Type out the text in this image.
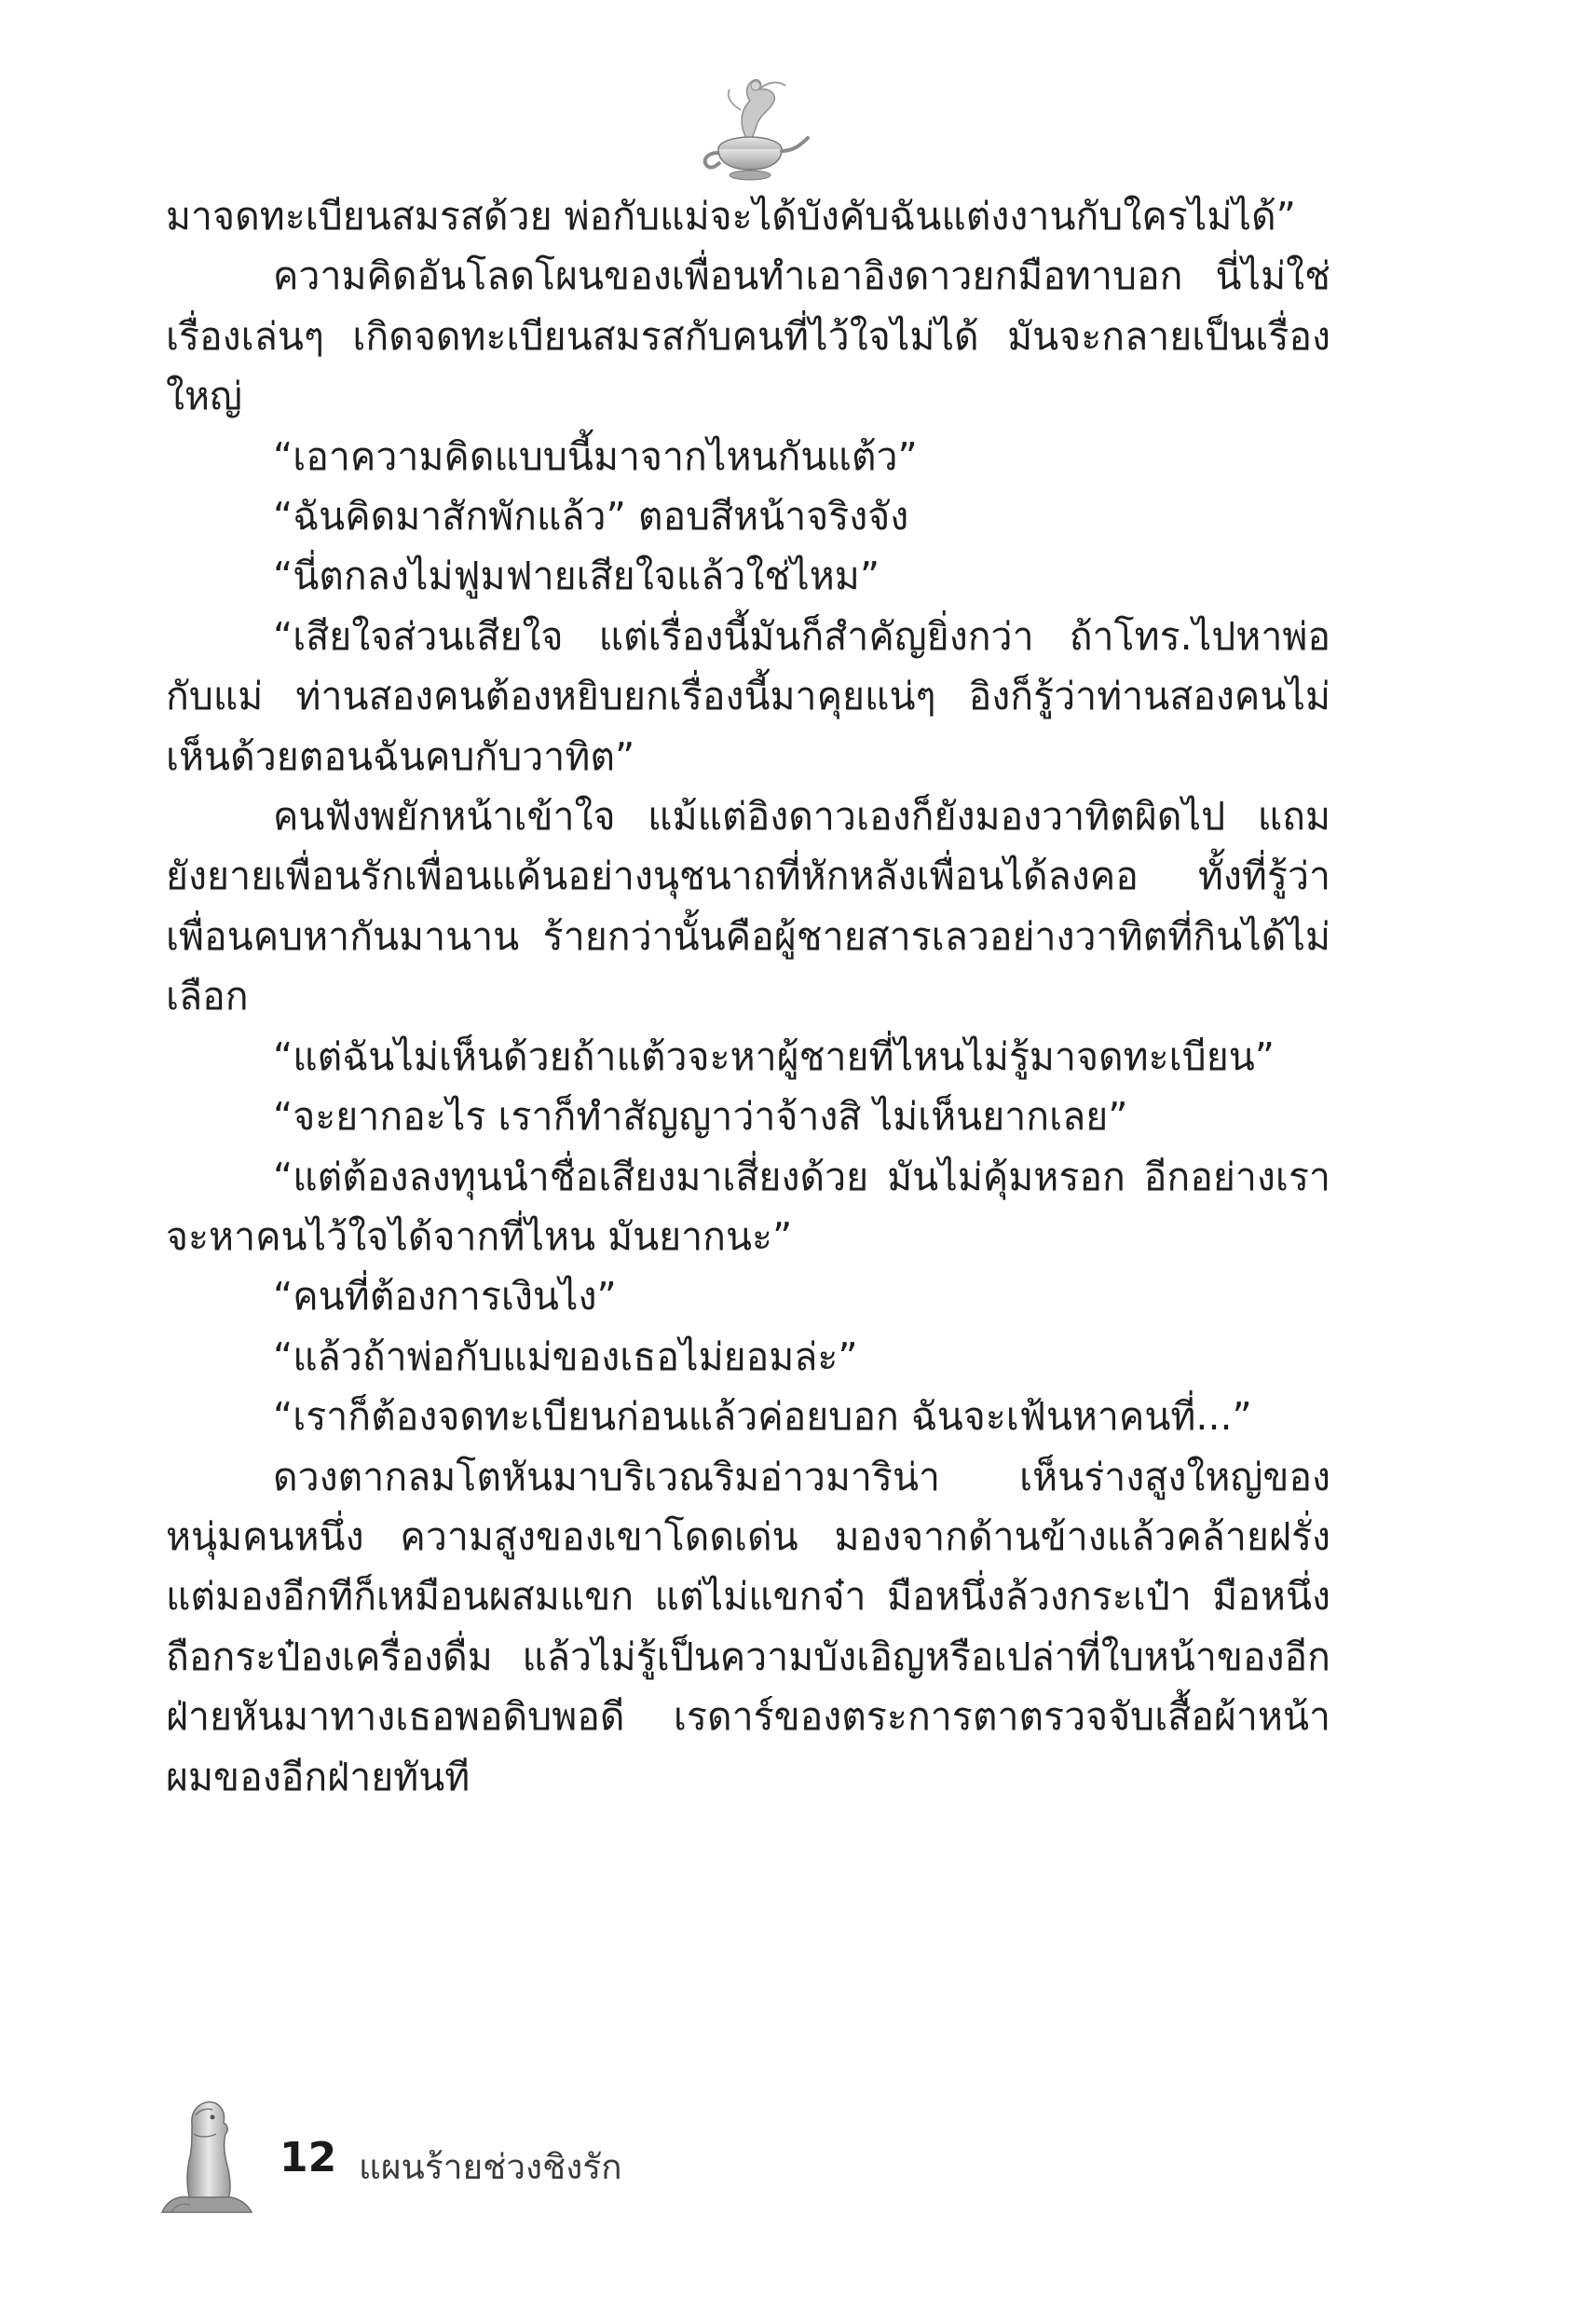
มาจดทะเบียนสมรสด้วย พ่อกับแม่จะได้บังคับฉันแต่งงานกับใครไม่ได้”

ความคิดอันโลดโผนของเพื่อนทำเอาอิงดาวยกมือทาบอก นี่ไม่ใช่เรื่องเล่นๆ เกิดจดทะเบียนสมรสกับคนที่ไว้ใจไม่ได้ มันจะกลายเป็นเรื่องใหญ่

“เอาความคิดแบบนี้มาจากไหนกันแต้ว”

“ฉันคิดมาสักพักแล้ว” ตอบสีหน้าจริงจัง

“นี่ตกลงไม่ฟูมฟายเสียใจแล้วใช่ไหม”

“เสียใจส่วนเสียใจ แต่เรื่องนี้มันก็สำคัญยิ่งกว่า ถ้าโทร.ไปหาพ่อกับแม่ ท่านสองคนต้องหยิบยกเรื่องนี้มาคุยแน่ๆ อิงก็รู้ว่าท่านสองคนไม่เห็นด้วยตอนฉันคบกับวาทิต”

คนฟังพยักหน้าเข้าใจ แม้แต่อิงดาวเองก็ยังมองวาทิตผิดไป แถมยังยายเพื่อนรักเพื่อนแค้นอย่างนุชนาถที่หักหลังเพื่อนได้ลงคอ ทั้งที่รู้ว่าเพื่อนคบหากันมานาน ร้ายกว่านั้นคือผู้ชายสารเลวอย่างวาทิตที่กินได้ไม่เลือก

“แต่ฉันไม่เห็นด้วยถ้าแต้วจะหาผู้ชายที่ไหนไม่รู้มาจดทะเบียน”

“จะยากอะไร เราก็ทำสัญญาว่าจ้างสิ ไม่เห็นยากเลย”

“แต่ต้องลงทุนนำชื่อเสียงมาเสี่ยงด้วย มันไม่คุ้มหรอก อีกอย่างเราจะหาคนไว้ใจได้จากที่ไหน มันยากนะ”

“คนที่ต้องการเงินไง”

“แล้วถ้าพ่อกับแม่ของเธอไม่ยอมล่ะ”

“เราก็ต้องจดทะเบียนก่อนแล้วค่อยบอก ฉันจะเฟ้นหาคนที่...”

ดวงตากลมโตหันมาบริเวณริมอ่าวมาริน่า เห็นร่างสูงใหญ่ของหนุ่มคนหนึ่ง ความสูงของเขาโดดเด่น มองจากด้านข้างแล้วคล้ายฝรั่งแต่มองอีกทีก็เหมือนผสมแขก แต่ไม่แขกจ๋า มือหนึ่งล้วงกระเป๋า มือหนึ่งถือกระป๋องเครื่องดื่ม แล้วไม่รู้เป็นความบังเอิญหรือเปล่าที่ใบหน้าของอีกฝ่ายหันมาทางเธอพอดิบพอดี เรดาร์ของตระการตาตรวจจับเสื้อผ้าหน้าผมของอีกฝ่ายทันที

12 แผนร้ายช่วงชิงรัก
